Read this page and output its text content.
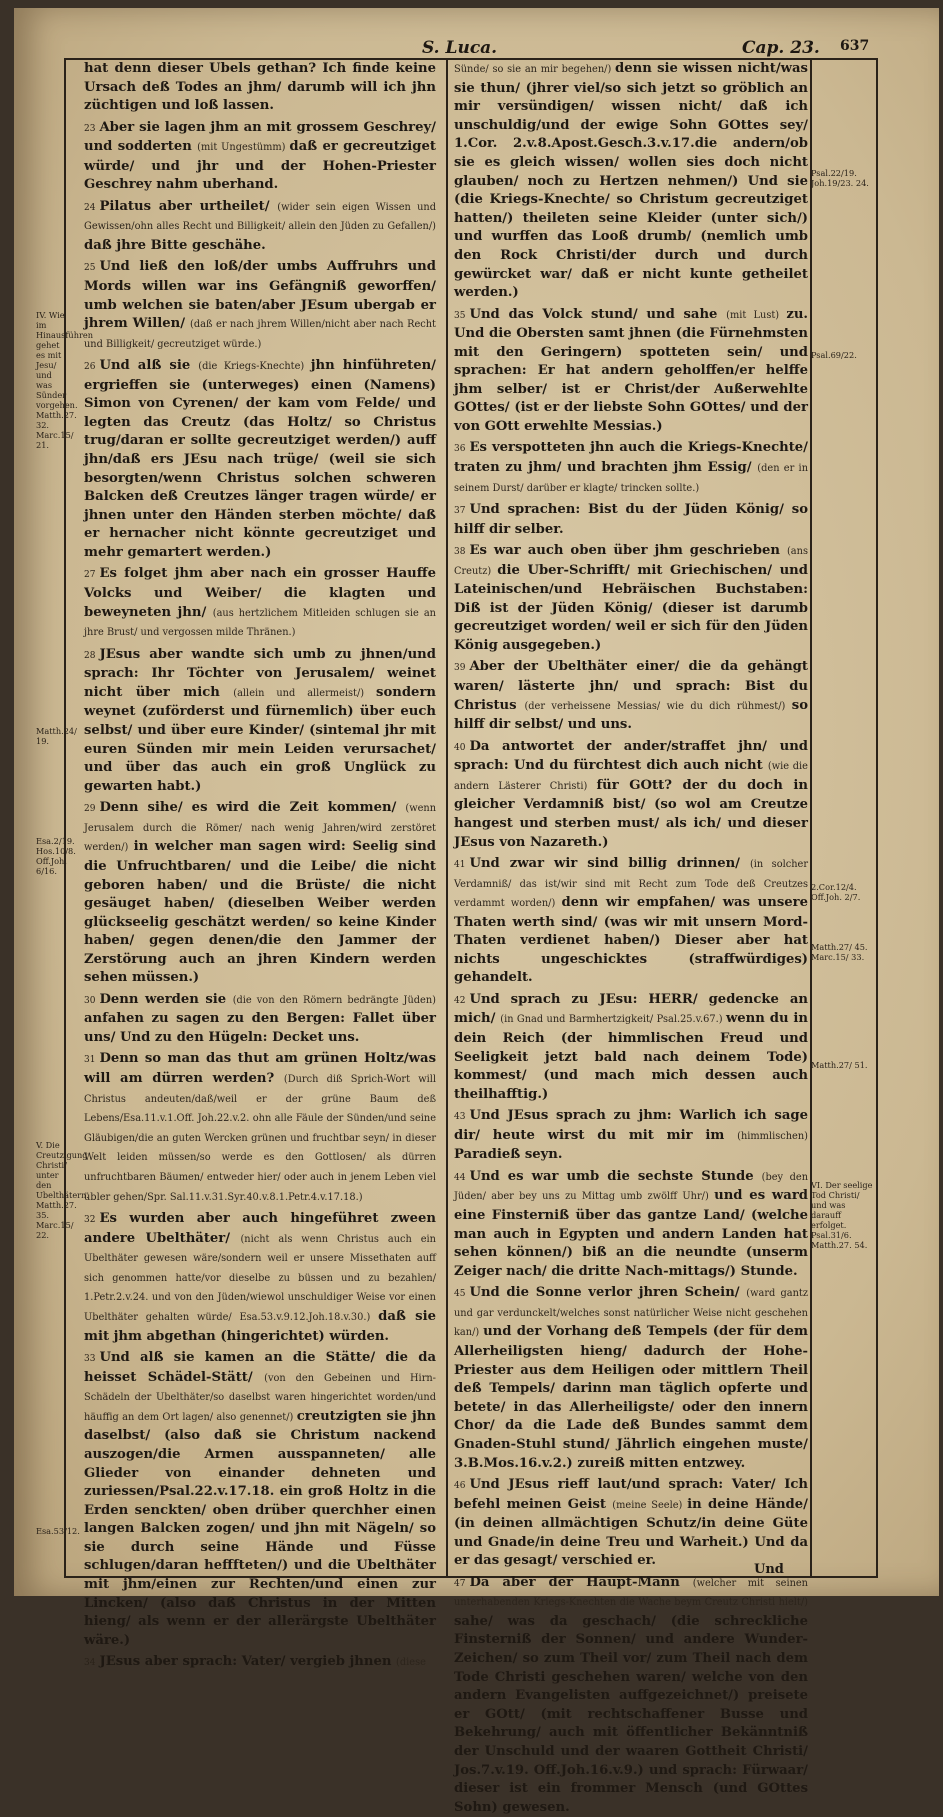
S. Luca.	Cap. 23. 637

hat denn dieser Ubels gethan? Ich finde keine Ursach deß Todes an jhm/ darumb will ich jhn züchtigen und loß lassen.

23 Aber sie lagen jhm an mit grossem Geschrey/ und sodderten (mit Ungestümm) daß er gecreutziget würde/ und jhr und der Hohen-Priester Geschrey nahm uberhand.

24 Pilatus aber urtheilet/ (wider sein eigen Wissen und Gewissen/ohn alles Recht und Billigkeit/ allein den Jüden zu Gefallen/) daß jhre Bitte geschähe.

25 Und ließ den loß/der umbs Auffruhrs und Mords willen war ins Gefängniß geworffen/ umb welchen sie baten/aber JEsum ubergab er jhrem Willen/ (daß er nach jhrem Willen/nicht aber nach Recht und Billigkeit/ gecreutziget würde.)

26 Und alß sie (die Kriegs-Knechte) jhn hinführeten/ ergrieffen sie (unterweges) einen (Namens) Simon von Cyrenen/ der kam vom Felde/ und legten das Creutz (das Holtz/ so Christus trug/daran er sollte gecreutziget werden/) auff jhn/daß ers JEsu nach trüge/ (weil sie sich besorgten/wenn Christus solchen schweren Balcken deß Creutzes länger tragen würde/ er jhnen unter den Händen sterben möchte/ daß er hernacher nicht könnte gecreutziget und mehr gemartert werden.)

27 Es folget jhm aber nach ein grosser Hauffe Volcks und Weiber/ die klagten und beweyneten jhn/ (aus hertzlichem Mitleiden schlugen sie an jhre Brust/ und vergossen milde Thränen.)

28 JEsus aber wandte sich umb zu jhnen/und sprach: Ihr Töchter von Jerusalem/ weinet nicht über mich (allein und allermeist/) sondern weynet (zuförderst und fürnemlich) über euch selbst/ und über eure Kinder/ (sintemal jhr mit euren Sünden mir mein Leiden verursachet/ und über das auch ein groß Unglück zu gewarten habt.)

29 Denn sihe/ es wird die Zeit kommen/ (wenn Jerusalem durch die Römer/ nach wenig Jahren/wird zerstöret werden/) in welcher man sagen wird: Seelig sind die Unfruchtbaren/ und die Leibe/ die nicht geboren haben/ und die Brüste/ die nicht gesäuget haben/ (dieselben Weiber werden glückseelig geschätzt werden/ so keine Kinder haben/ gegen denen/die den Jammer der Zerstörung auch an jhren Kindern werden sehen müssen.)

30 Denn werden sie (die von den Römern bedrängte Jüden) anfahen zu sagen zu den Bergen: Fallet über uns/ Und zu den Hügeln: Decket uns.

31 Denn so man das thut am grünen Holtz/was will am dürren werden? (Durch diß Sprich-Wort will Christus andeuten/daß/weil er der grüne Baum deß Lebens/Esa.11.v.1.Off. Joh.22.v.2. ohn alle Fäule der Sünden/und seine Gläubigen/die an guten Wercken grünen und fruchtbar seyn/ in dieser Welt leiden müssen/so werde es den Gottlosen/ als dürren unfruchtbaren Bäumen/ entweder hier/ oder auch in jenem Leben viel übler gehen/Spr. Sal.11.v.31.Syr.40.v.8.1.Petr.4.v.17.18.)

32 Es wurden aber auch hingeführet zween andere Ubelthäter/ (nicht als wenn Christus auch ein Ubelthäter gewesen wäre/sondern weil er unsere Missethaten auff sich genommen hatte/vor dieselbe zu büssen und zu bezahlen/ 1.Petr.2.v.24. und von den Jüden/wiewol unschuldiger Weise vor einen Ubelthäter gehalten würde/ Esa.53.v.9.12.Joh.18.v.30.) daß sie mit jhm abgethan (hingerichtet) würden.

33 Und alß sie kamen an die Stätte/ die da heisset Schädel-Stätt/ (von den Gebeinen und Hirn-Schädeln der Ubelthäter/so daselbst waren hingerichtet worden/und häuffig an dem Ort lagen/ also genennet/) creutzigten sie jhn daselbst/ (also daß sie Christum nackend auszogen/die Armen ausspanneten/ alle Glieder von einander dehneten und zuriessen/Psal.22.v.17.18. ein groß Holtz in die Erden senckten/ oben drüber querchher einen langen Balcken zogen/ und jhn mit Nägeln/ so sie durch seine Hände und Füsse schlugen/daran hefffteten/) und die Ubelthäter mit jhm/einen zur Rechten/und einen zur Lincken/ (also daß Christus in der Mitten hieng/ als wenn er der allerärgste Ubelthäter wäre.)

34 JEsus aber sprach: Vater/ vergieb jhnen (diese

Sünde/ so sie an mir begehen/) denn sie wissen nicht/was sie thun/ (jhrer viel/so sich jetzt so gröblich an mir versündigen/ wissen nicht/ daß ich unschuldig/und der ewige Sohn GOttes sey/ 1.Cor. 2.v.8.Apost.Gesch.3.v.17.die andern/ob sie es gleich wissen/ wollen sies doch nicht glauben/ noch zu Hertzen nehmen/) Und sie (die Kriegs-Knechte/ so Christum gecreutziget hatten/) theileten seine Kleider (unter sich/) und wurffen das Looß drumb/ (nemlich umb den Rock Christi/der durch und durch gewürcket war/ daß er nicht kunte getheilet werden.)

35 Und das Volck stund/ und sahe (mit Lust) zu. Und die Obersten samt jhnen (die Fürnehmsten mit den Geringern) spotteten sein/ und sprachen: Er hat andern geholffen/er helffe jhm selber/ ist er Christ/der Außerwehlte GOttes/ (ist er der liebste Sohn GOttes/ und der von GOtt erwehlte Messias.)

36 Es verspotteten jhn auch die Kriegs-Knechte/ traten zu jhm/ und brachten jhm Essig/ (den er in seinem Durst/ darüber er klagte/ trincken sollte.)

37 Und sprachen: Bist du der Jüden König/ so hilff dir selber.

38 Es war auch oben über jhm geschrieben (ans Creutz) die Uber-Schrifft/ mit Griechischen/ und Lateinischen/und Hebräischen Buchstaben: Diß ist der Jüden König/ (dieser ist darumb gecreutziget worden/ weil er sich für den Jüden König ausgegeben.)

39 Aber der Ubelthäter einer/ die da gehängt waren/ lästerte jhn/ und sprach: Bist du Christus (der verheissene Messias/ wie du dich rühmest/) so hilff dir selbst/ und uns.

40 Da antwortet der ander/straffet jhn/ und sprach: Und du fürchtest dich auch nicht (wie die andern Lästerer Christi) für GOtt? der du doch in gleicher Verdamniß bist/ (so wol am Creutze hangest und sterben must/ als ich/ und dieser JEsus von Nazareth.)

41 Und zwar wir sind billig drinnen/ (in solcher Verdamniß/ das ist/wir sind mit Recht zum Tode deß Creutzes verdammt worden/) denn wir empfahen/ was unsere Thaten werth sind/ (was wir mit unsern Mord-Thaten verdienet haben/) Dieser aber hat nichts ungeschicktes (straffwürdiges) gehandelt.

42 Und sprach zu JEsu: HERR/ gedencke an mich/ (in Gnad und Barmhertzigkeit/ Psal.25.v.67.) wenn du in dein Reich (der himmlischen Freud und Seeligkeit jetzt bald nach deinem Tode) kommest/ (und mach mich dessen auch theilhafftig.)

43 Und JEsus sprach zu jhm: Warlich ich sage dir/ heute wirst du mit mir im (himmlischen) Paradieß seyn.

44 Und es war umb die sechste Stunde (bey den Jüden/ aber bey uns zu Mittag umb zwölff Uhr/) und es ward eine Finsterniß über das gantze Land/ (welche man auch in Egypten und andern Landen hat sehen können/) biß an die neundte (unserm Zeiger nach/ die dritte Nach-mittags/) Stunde.

45 Und die Sonne verlor jhren Schein/ (ward gantz und gar verdunckelt/welches sonst natürlicher Weise nicht geschehen kan/) und der Vorhang deß Tempels (der für dem Allerheiligsten hieng/ dadurch der Hohe-Priester aus dem Heiligen oder mittlern Theil deß Tempels/ darinn man täglich opferte und betete/ in das Allerheiligste/ oder den innern Chor/ da die Lade deß Bundes sammt dem Gnaden-Stuhl stund/ Jährlich eingehen muste/ 3.B.Mos.16.v.2.) zureiß mitten entzwey.

46 Und JEsus rieff laut/und sprach: Vater/ Ich befehl meinen Geist (meine Seele) in deine Hände/ (in deinen allmächtigen Schutz/in deine Güte und Gnade/in deine Treu und Warheit.) Und da er das gesagt/ verschied er.

47 Da aber der Haupt-Mann (welcher mit seinen unterhabenden Kriegs-Knechten die Wache beym Creutz Christi hielt/) sahe/ was da geschach/ (die schreckliche Finsterniß der Sonnen/ und andere Wunder-Zeichen/ so zum Theil vor/ zum Theil nach dem Tode Christi geschehen waren/ welche von den andern Evangelisten auffgezeichnet/) preisete er GOtt/ (mit rechtschaffener Busse und Bekehrung/ auch mit öffentlicher Bekänntniß der Unschuld und der waaren Gottheit Christi/ Jos.7.v.19. Off.Joh.16.v.9.) und sprach: Fürwaar/ dieser ist ein frommer Mensch (und GOttes Sohn) gewesen.

IV. Wie im Hinausführen gehet es mit Jesu/ und was Sünder vorgehen. Matth.27. 32. Marc.15/ 21.
Matth.24/ 19.
Esa.2/19. Hos.10/8. Off.Joh. 6/16.
V. Die Creutzigung Christi/ unter den Ubelthätern. Matth.27. 35. Marc.15/ 22.
Esa.53/12.
Psal.22/19. Joh.19/23. 24.
Psal.69/22.
2.Cor.12/4. Off.Joh. 2/7.
Matth.27/ 45. Marc.15/ 33.
Matth.27/ 51.
VI. Der seelige Tod Christi/ und was darauff erfolget. Psal.31/6. Matth.27. 54.
Und
